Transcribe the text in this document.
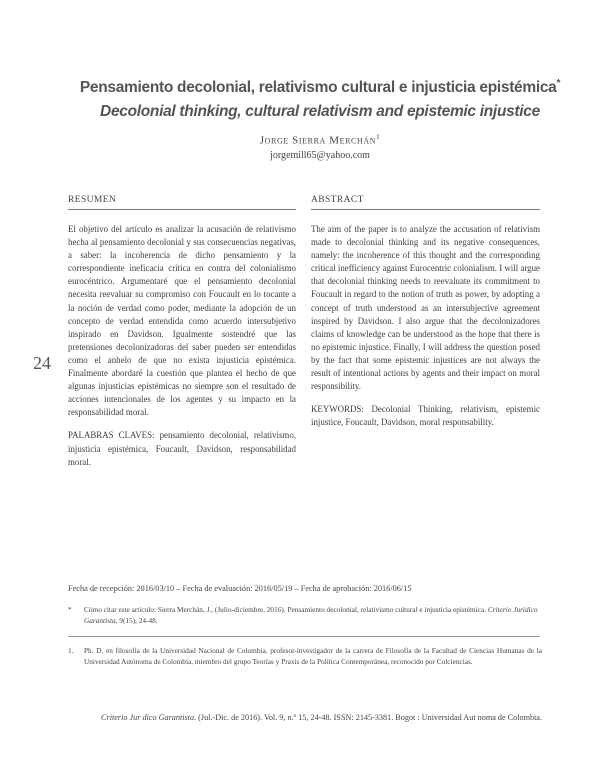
Pensamiento decolonial, relativismo cultural e injusticia epistémica*
Decolonial thinking, cultural relativism and epistemic injustice
Jorge Sierra Merchán$^1$
jorgemill65@yahoo.com
RESUMEN	ABSTRACT

El objetivo del artículo es analizar la acusación de relativismo hecha al pensamiento decolonial y sus consecuencias negativas, a saber: la incoherencia de dicho pensamiento y la correspondiente ineficacia crítica en contra del colonialismo eurocéntrico. Argumentaré que el pensamiento decolonial necesita reevaluar su compromiso con Foucault en lo tocante a la noción de verdad como poder, mediante la adopción de un concepto de verdad entendida como acuerdo intersubjetivo inspirado en Davidson. Igualmente sostendré que las pretensiones decolonizadoras del saber pueden ser entendidas como el anhelo de que no exista injusticia epistémica. Finalmente abordaré la cuestión que plantea el hecho de que algunas injusticias epistémicas no siempre son el resultado de acciones intencionales de los agentes y su impacto en la responsabilidad moral.

PALABRAS CLAVES: pensamiento decolonial, relativismo, injusticia epistémica, Foucault, Davidson, responsabilidad moral.

The aim of the paper is to analyze the accusation of relativism made to decolonial thinking and its negative consequences, namely: the incoherence of this thought and the corresponding critical inefficiency against Eurocentric colonialism. I will argue that decolonial thinking needs to reevaluate its commitment to Foucault in regard to the notion of truth as power, by adopting a concept of truth understood as an intersubjective agreement inspired by Davidson. I also argue that the decolonizadores claims of knowledge can be understood as the hope that there is no epistemic injustice. Finally, I will address the question posed by the fact that some epistemic injustices are not always the result of intentional actions by agents and their impact on moral responsibility.

KEYWORDS: Decolonial Thinking, relativism, epistemic injustice, Foucault, Davidson, moral responsability.

24
Fecha de recepción: 2016/03/10 – Fecha de evaluación: 2016/05/19 – Fecha de aprobación: 2016/06/15
*	Cómo citar este artículo: Sierra Merchán, J., (Julio-diciembre, 2016). Pensamiento decolonial, relativismo cultural e injusticia epistémica. Criterio Jurídico Garantista, 9(15), 24-48.
1.	Ph. D. en filosofía de la Universidad Nacional de Colombia, profesor-investigador de la carrera de Filosofía de la Facultad de Ciencias Humanas de la Universidad Autónoma de Colombia, miembro del grupo Teorías y Praxis de la Política Contemporánea, reconocido por Colciencias.
Criterio Jur dico Garantista. (Jul.-Dic. de 2016). Vol. 9, n.º 15, 24-48. ISSN: 2145-3381. Bogot : Universidad Aut noma de Colombia.
